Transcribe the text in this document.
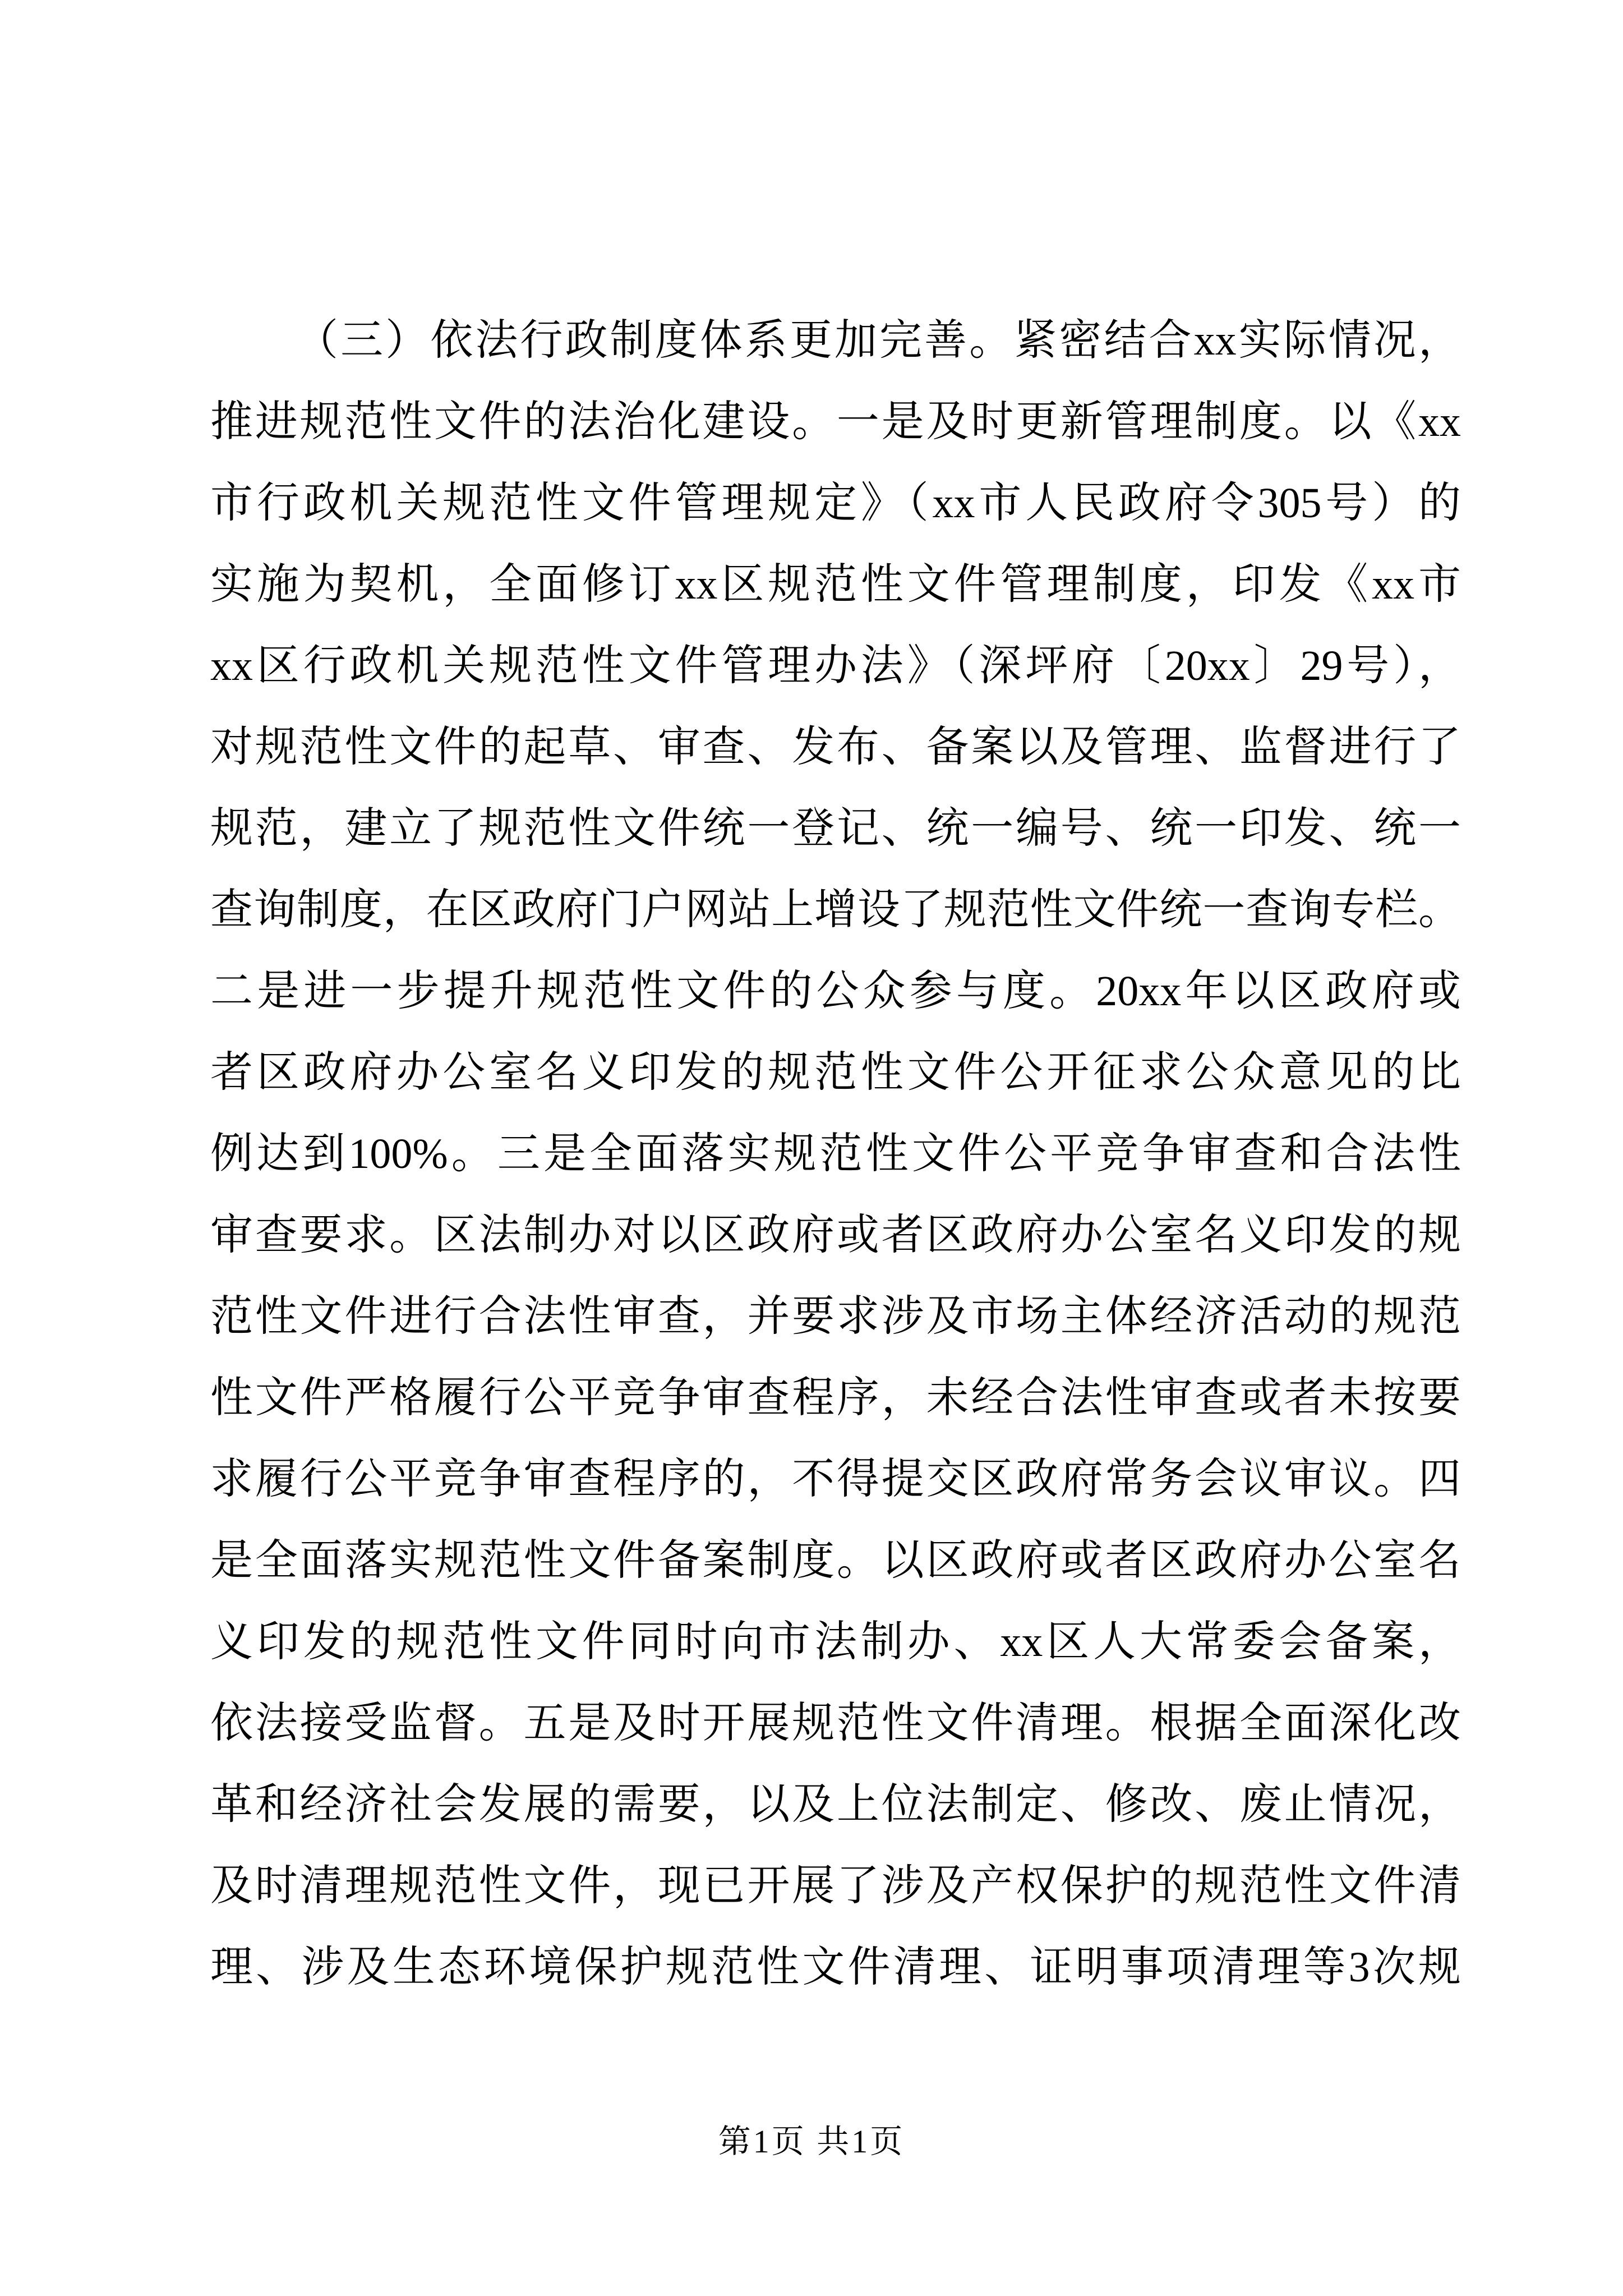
（三）依法行政制度体系更加完善。紧密结合xx实际情况，
推进规范性文件的法治化建设。一是及时更新管理制度。以《xx
市行政机关规范性文件管理规定》（xx市人民政府令305号）的
实施为契机，全面修订xx区规范性文件管理制度，印发《xx市
xx区行政机关规范性文件管理办法》（深坪府〔20xx〕29号），
对规范性文件的起草、审查、发布、备案以及管理、监督进行了
规范，建立了规范性文件统一登记、统一编号、统一印发、统一
查询制度，在区政府门户网站上增设了规范性文件统一查询专栏。
二是进一步提升规范性文件的公众参与度。20xx年以区政府或
者区政府办公室名义印发的规范性文件公开征求公众意见的比
例达到100%。三是全面落实规范性文件公平竞争审查和合法性
审查要求。区法制办对以区政府或者区政府办公室名义印发的规
范性文件进行合法性审查，并要求涉及市场主体经济活动的规范
性文件严格履行公平竞争审查程序，未经合法性审查或者未按要
求履行公平竞争审查程序的，不得提交区政府常务会议审议。四
是全面落实规范性文件备案制度。以区政府或者区政府办公室名
义印发的规范性文件同时向市法制办、xx区人大常委会备案，
依法接受监督。五是及时开展规范性文件清理。根据全面深化改
革和经济社会发展的需要，以及上位法制定、修改、废止情况，
及时清理规范性文件，现已开展了涉及产权保护的规范性文件清
理、涉及生态环境保护规范性文件清理、证明事项清理等3次规
第1页 共1页
